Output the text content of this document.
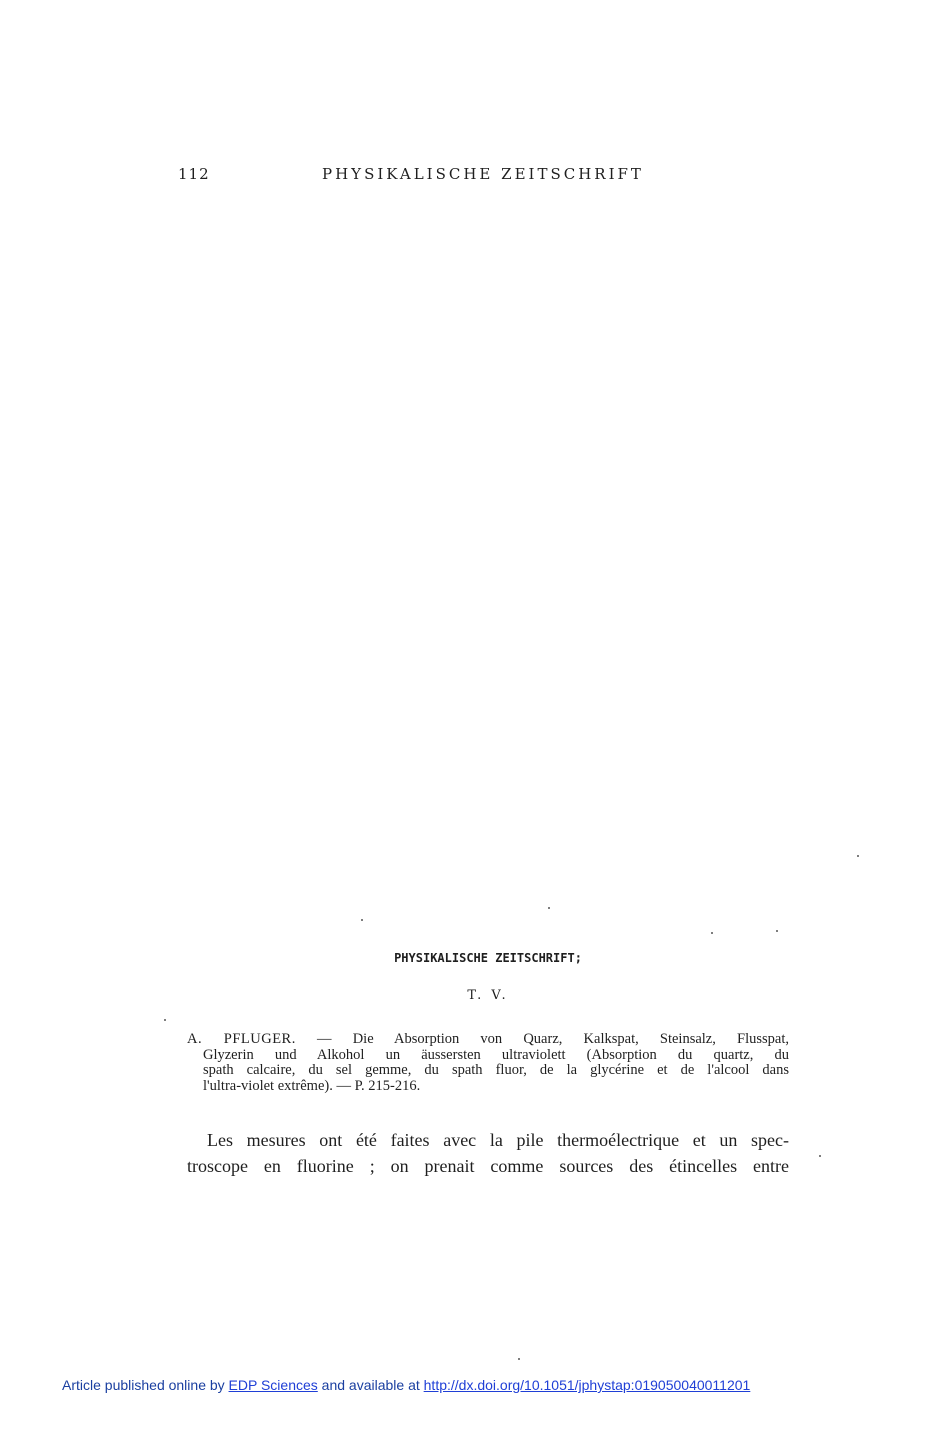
112	PHYSIKALISCHE ZEITSCHRIFT
PHYSIKALISCHE ZEITSCHRIFT;
T. V.
A. PFLUGER. — Die Absorption von Quarz, Kalkspat, Steinsalz, Flusspat,
Glyzerin und Alkohol un äussersten ultraviolett (Absorption du quartz, du
spath calcaire, du sel gemme, du spath fluor, de la glycérine et de l'alcool dans
l'ultra-violet extrême). — P. 215-216.
Les mesures ont été faites avec la pile thermoélectrique et un spec-
troscope en fluorine ; on prenait comme sources des étincelles entre
Article published online by EDP Sciences and available at http://dx.doi.org/10.1051/jphystap:019050040011201
